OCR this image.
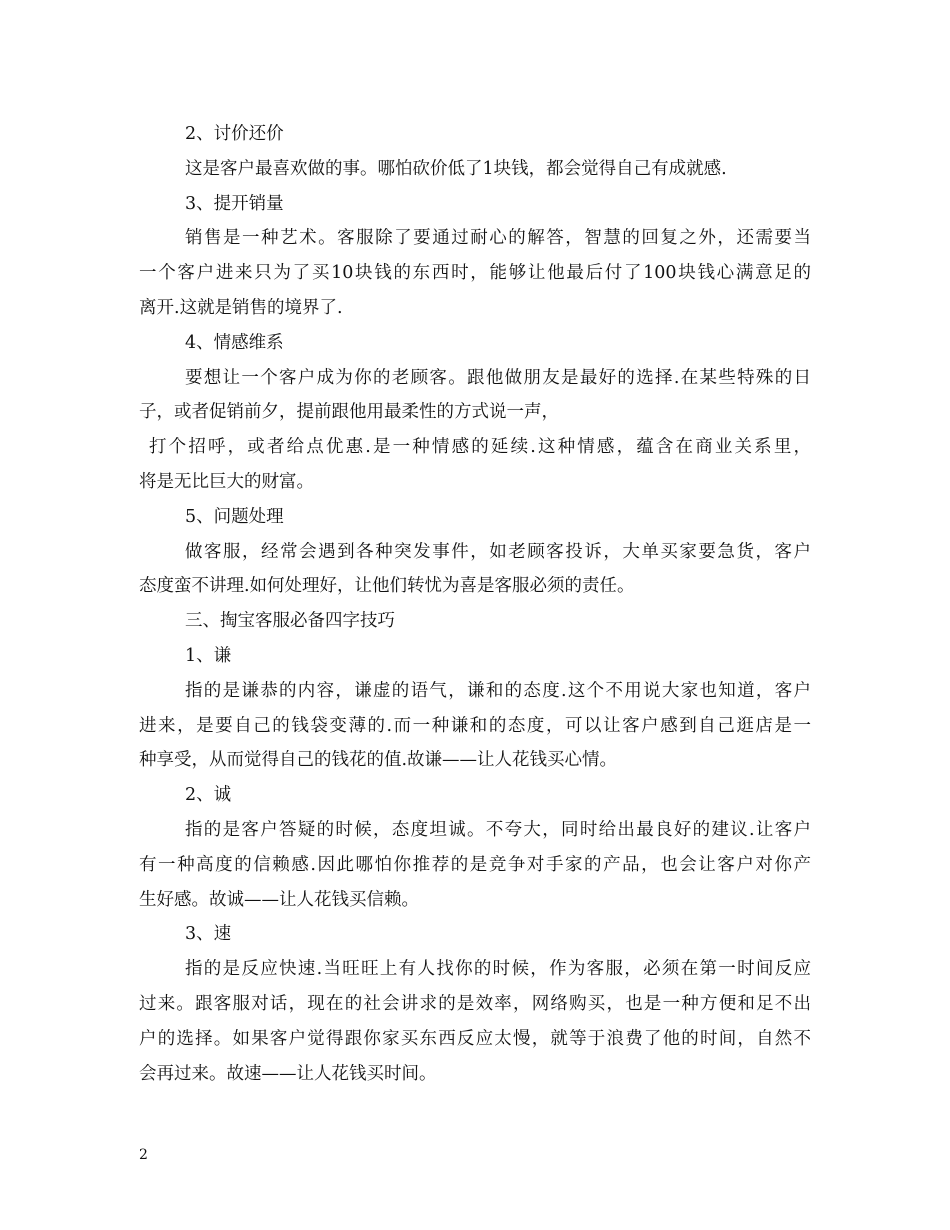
2、讨价还价
这是客户最喜欢做的事。哪怕砍价低了1块钱，都会觉得自己有成就感.
3、提开销量
销售是一种艺术。客服除了要通过耐心的解答，智慧的回复之外，还需要当
一个客户进来只为了买10块钱的东西时，能够让他最后付了100块钱心满意足的
离开.这就是销售的境界了.
4、情感维系
要想让一个客户成为你的老顾客。跟他做朋友是最好的选择.在某些特殊的日
子，或者促销前夕，提前跟他用最柔性的方式说一声，
打个招呼，或者给点优惠.是一种情感的延续.这种情感，蕴含在商业关系里，
将是无比巨大的财富。
5、问题处理
做客服，经常会遇到各种突发事件，如老顾客投诉，大单买家要急货，客户
态度蛮不讲理.如何处理好，让他们转忧为喜是客服必须的责任。
三、掏宝客服必备四字技巧
1、谦
指的是谦恭的内容，谦虚的语气，谦和的态度.这个不用说大家也知道，客户
进来，是要自己的钱袋变薄的.而一种谦和的态度，可以让客户感到自己逛店是一
种享受，从而觉得自己的钱花的值.故谦——让人花钱买心情。
2、诚
指的是客户答疑的时候，态度坦诚。不夸大，同时给出最良好的建议.让客户
有一种高度的信赖感.因此哪怕你推荐的是竞争对手家的产品，也会让客户对你产
生好感。故诚——让人花钱买信赖。
3、速
指的是反应快速.当旺旺上有人找你的时候，作为客服，必须在第一时间反应
过来。跟客服对话，现在的社会讲求的是效率，网络购买，也是一种方便和足不出
户的选择。如果客户觉得跟你家买东西反应太慢，就等于浪费了他的时间，自然不
会再过来。故速——让人花钱买时间。
2
